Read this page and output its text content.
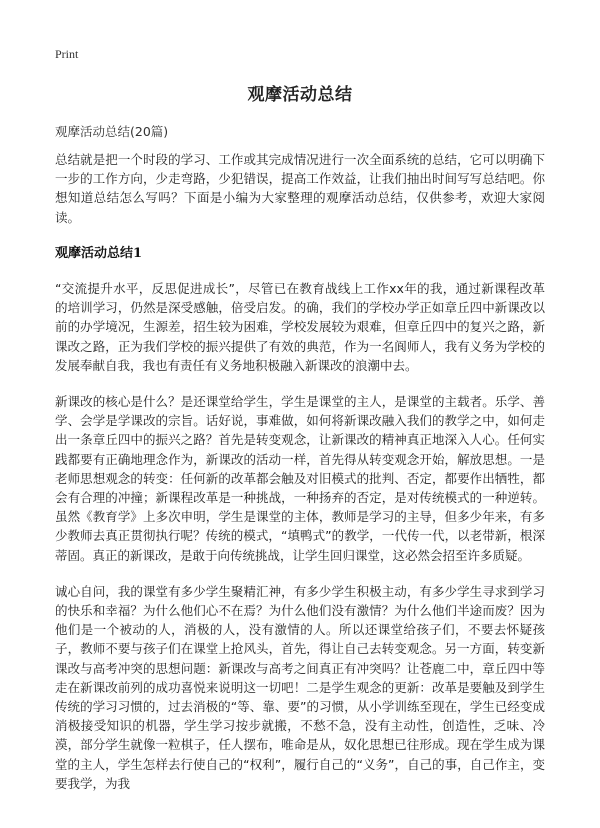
Print
观摩活动总结
观摩活动总结(20篇)

总结就是把一个时段的学习、工作或其完成情况进行一次全面系统的总结，它可以明确下一步的工作方向，少走弯路，少犯错误，提高工作效益，让我们抽出时间写写总结吧。你想知道总结怎么写吗？下面是小编为大家整理的观摩活动总结，仅供参考，欢迎大家阅读。

观摩活动总结1

“交流提升水平，反思促进成长”，尽管已在教育战线上工作xx年的我，通过新课程改革的培训学习，仍然是深受感触，倍受启发。的确，我们的学校办学正如章丘四中新课改以前的办学境况，生源差，招生较为困难，学校发展较为艰难，但章丘四中的复兴之路，新课改之路，正为我们学校的振兴提供了有效的典范，作为一名阆师人，我有义务为学校的发展奉献自我，我也有责任有义务地积极融入新课改的浪潮中去。

新课改的核心是什么？是还课堂给学生，学生是课堂的主人，是课堂的主载者。乐学、善学、会学是学课改的宗旨。话好说，事难做，如何将新课改融入我们的教学之中，如何走出一条章丘四中的振兴之路？首先是转变观念，让新课改的精神真正地深入人心。任何实践都要有正确地理念作为，新课改的活动一样，首先得从转变观念开始，解放思想。一是老师思想观念的转变：任何新的改革都会触及对旧模式的批判、否定，都要作出牺牲，都会有合理的冲撞；新课程改革是一种挑战，一种扬弃的否定，是对传统模式的一种逆转。虽然《教育学》上多次申明，学生是课堂的主体，教师是学习的主导，但多少年来，有多少教师去真正贯彻执行呢？传统的模式，“填鸭式”的教学，一代传一代，以老带新，根深蒂固。真正的新课改，是敢于向传统挑战，让学生回归课堂，这必然会招至许多质疑。

诚心自问，我的课堂有多少学生聚精汇神，有多少学生积极主动，有多少学生寻求到学习的快乐和幸福？为什么他们心不在焉？为什么他们没有激情？为什么他们半途而废？因为他们是一个被动的人，消极的人，没有激情的人。所以还课堂给孩子们，不要去怀疑孩子，教师不要与孩子们在课堂上抢风头，首先，得让自己去转变观念。另一方面，转变新课改与高考冲突的思想问题：新课改与高考之间真正有冲突吗？让苍鹿二中，章丘四中等走在新课改前列的成功喜悦来说明这一切吧！二是学生观念的更新：改革是要触及到学生传统的学习习惯的，过去消极的“等、靠、要”的习惯，从小学训练至现在，学生已经变成消极接受知识的机器，学生学习按步就搬，不愁不急，没有主动性，创造性，乏味、冷漠，部分学生就像一粒棋子，任人摆布，唯命是从，奴化思想已往形成。现在学生成为课堂的主人，学生怎样去行使自己的“权利”，履行自己的“义务”，自己的事，自己作主，变要我学，为我
